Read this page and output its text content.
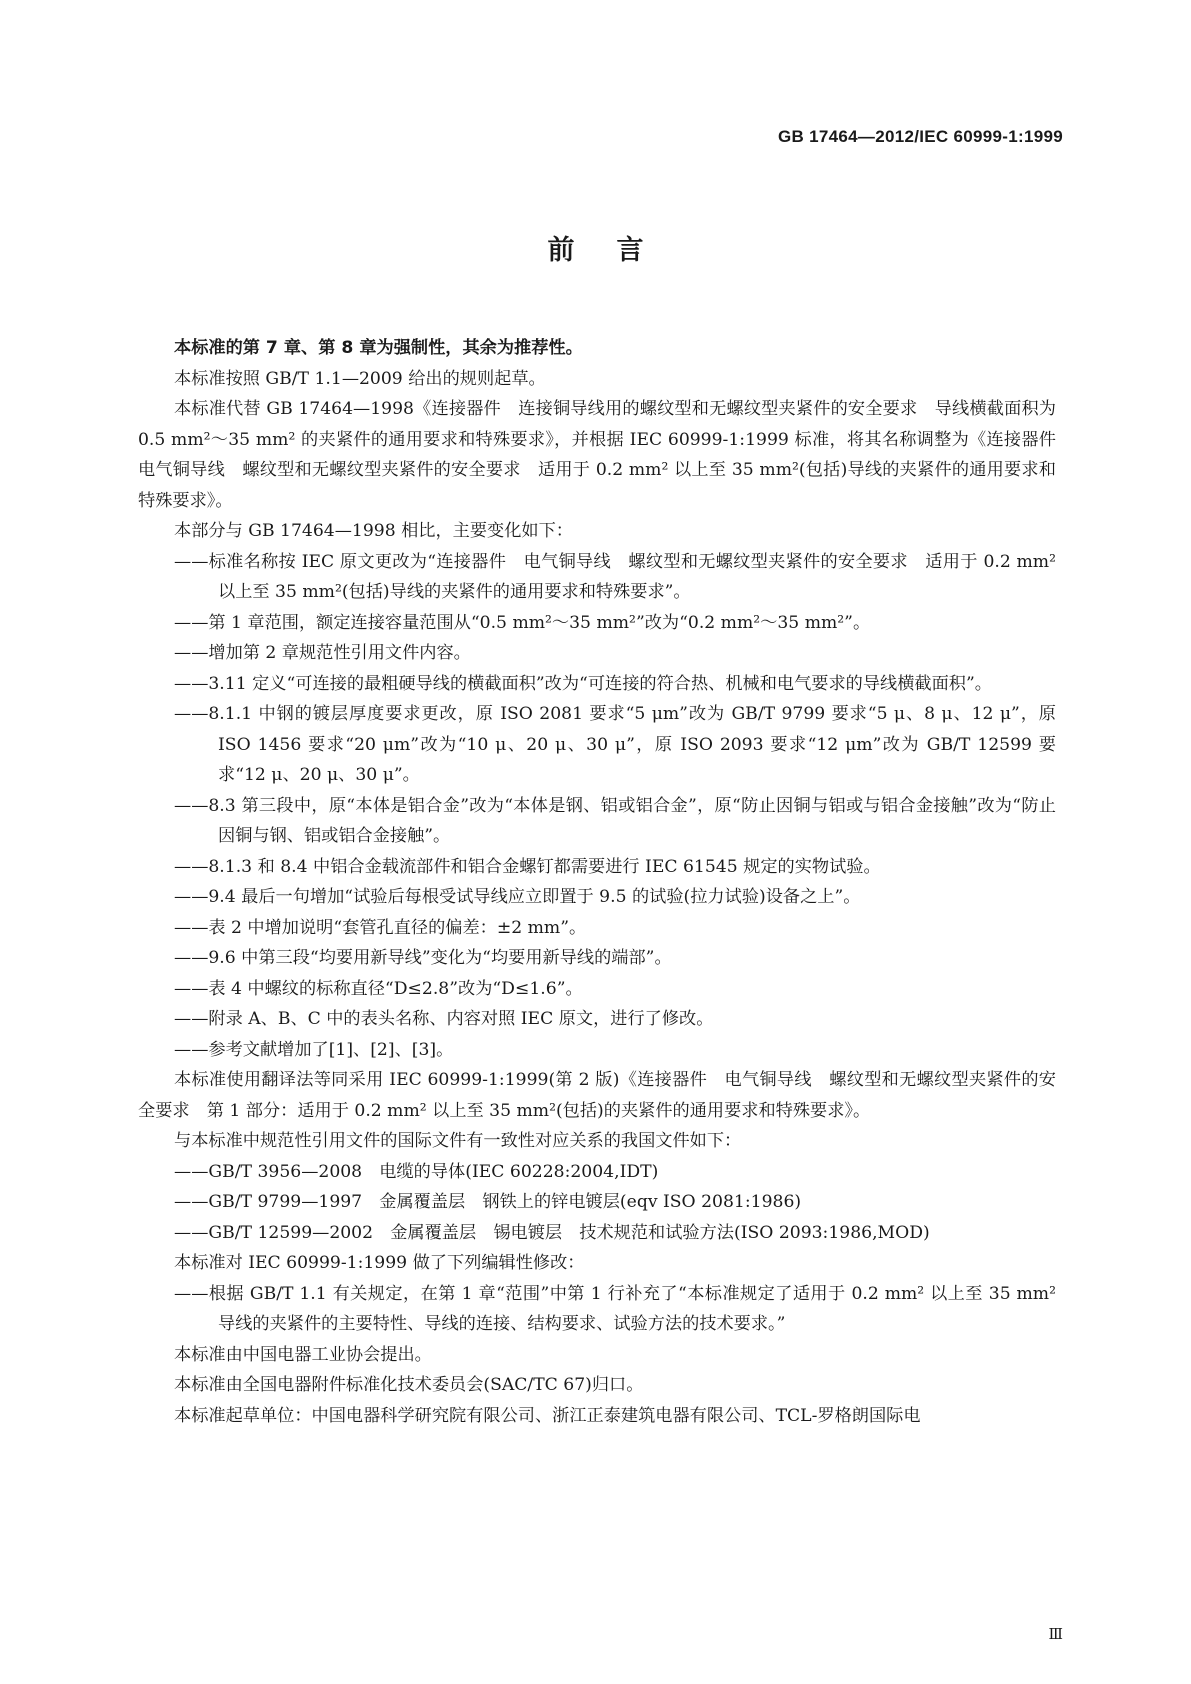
GB 17464—2012/IEC 60999-1:1999
前言

本标准的第 7 章、第 8 章为强制性，其余为推荐性。

本标准按照 GB/T 1.1—2009 给出的规则起草。

本标准代替 GB 17464—1998《连接器件　连接铜导线用的螺纹型和无螺纹型夹紧件的安全要求　导线横截面积为 0.5 mm²～35 mm² 的夹紧件的通用要求和特殊要求》，并根据 IEC 60999-1:1999 标准，将其名称调整为《连接器件　电气铜导线　螺纹型和无螺纹型夹紧件的安全要求　适用于 0.2 mm² 以上至 35 mm²(包括)导线的夹紧件的通用要求和特殊要求》。

本部分与 GB 17464—1998 相比，主要变化如下：

——标准名称按 IEC 原文更改为“连接器件　电气铜导线　螺纹型和无螺纹型夹紧件的安全要求　适用于 0.2 mm² 以上至 35 mm²(包括)导线的夹紧件的通用要求和特殊要求”。

——第 1 章范围，额定连接容量范围从“0.5 mm²～35 mm²”改为“0.2 mm²～35 mm²”。

——增加第 2 章规范性引用文件内容。

——3.11 定义“可连接的最粗硬导线的横截面积”改为“可连接的符合热、机械和电气要求的导线横截面积”。

——8.1.1 中钢的镀层厚度要求更改，原 ISO 2081 要求“5 μm”改为 GB/T 9799 要求“5 μ、8 μ、12 μ”，原 ISO 1456 要求“20 μm”改为“10 μ、20 μ、30 μ”，原 ISO 2093 要求“12 μm”改为 GB/T 12599 要求“12 μ、20 μ、30 μ”。

——8.3 第三段中，原“本体是铝合金”改为“本体是钢、铝或铝合金”，原“防止因铜与铝或与铝合金接触”改为“防止因铜与钢、铝或铝合金接触”。

——8.1.3 和 8.4 中铝合金载流部件和铝合金螺钉都需要进行 IEC 61545 规定的实物试验。

——9.4 最后一句增加“试验后每根受试导线应立即置于 9.5 的试验(拉力试验)设备之上”。

——表 2 中增加说明“套管孔直径的偏差：±2 mm”。

——9.6 中第三段“均要用新导线”变化为“均要用新导线的端部”。

——表 4 中螺纹的标称直径“D≤2.8”改为“D≤1.6”。

——附录 A、B、C 中的表头名称、内容对照 IEC 原文，进行了修改。

——参考文献增加了[1]、[2]、[3]。

本标准使用翻译法等同采用 IEC 60999-1:1999(第 2 版)《连接器件　电气铜导线　螺纹型和无螺纹型夹紧件的安全要求　第 1 部分：适用于 0.2 mm² 以上至 35 mm²(包括)的夹紧件的通用要求和特殊要求》。

与本标准中规范性引用文件的国际文件有一致性对应关系的我国文件如下：

——GB/T 3956—2008　电缆的导体(IEC 60228:2004,IDT)

——GB/T 9799—1997　金属覆盖层　钢铁上的锌电镀层(eqv ISO 2081:1986)

——GB/T 12599—2002　金属覆盖层　锡电镀层　技术规范和试验方法(ISO 2093:1986,MOD)

本标准对 IEC 60999-1:1999 做了下列编辑性修改：

——根据 GB/T 1.1 有关规定，在第 1 章“范围”中第 1 行补充了“本标准规定了适用于 0.2 mm² 以上至 35 mm² 导线的夹紧件的主要特性、导线的连接、结构要求、试验方法的技术要求。”

本标准由中国电器工业协会提出。

本标准由全国电器附件标准化技术委员会(SAC/TC 67)归口。

本标准起草单位：中国电器科学研究院有限公司、浙江正泰建筑电器有限公司、TCL-罗格朗国际电

Ⅲ
